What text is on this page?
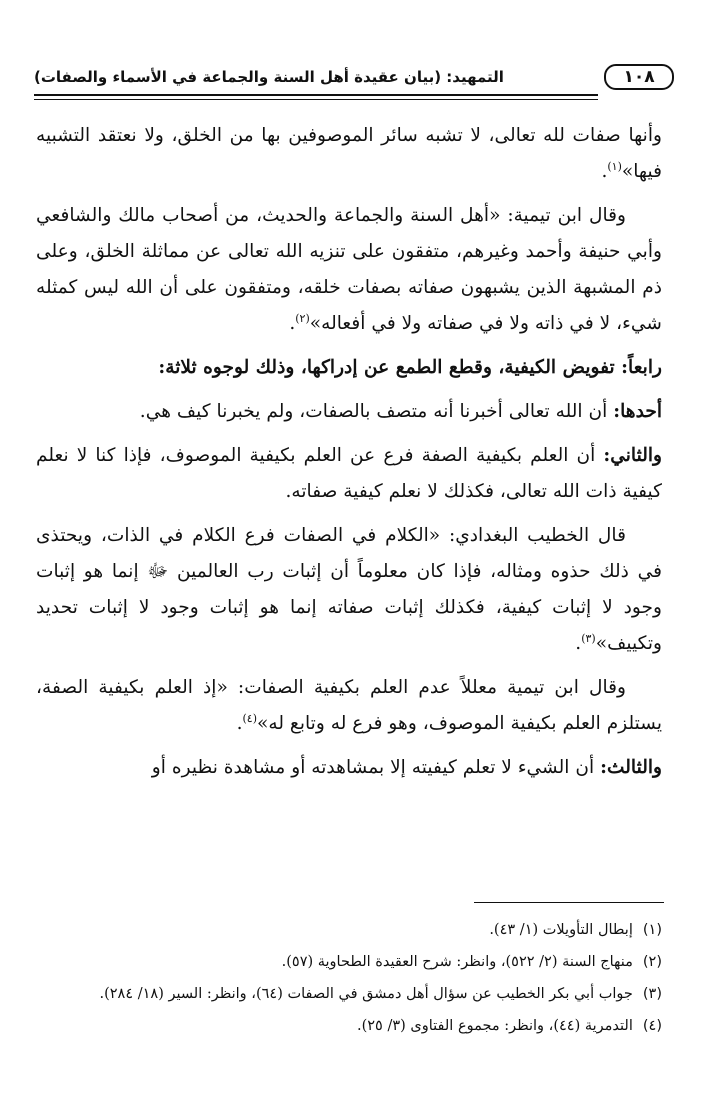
١٠٨
التمهيد: (بيان عقيدة أهل السنة والجماعة في الأسماء والصفات)

وأنها صفات لله تعالى، لا تشبه سائر الموصوفين بها من الخلق، ولا نعتقد التشبيه فيها»$^{(١)}$.

وقال ابن تيمية: «أهل السنة والجماعة والحديث، من أصحاب مالك والشافعي وأبي حنيفة وأحمد وغيرهم، متفقون على تنزيه الله تعالى عن مماثلة الخلق، وعلى ذم المشبهة الذين يشبهون صفاته بصفات خلقه، ومتفقون على أن الله ليس كمثله شيء، لا في ذاته ولا في صفاته ولا في أفعاله»$^{(٢)}$.

رابعاً: تفويض الكيفية، وقطع الطمع عن إدراكها، وذلك لوجوه ثلاثة:

أحدها: أن الله تعالى أخبرنا أنه متصف بالصفات، ولم يخبرنا كيف هي.

والثاني: أن العلم بكيفية الصفة فرع عن العلم بكيفية الموصوف، فإذا كنا لا نعلم كيفية ذات الله تعالى، فكذلك لا نعلم كيفية صفاته.

قال الخطيب البغدادي: «الكلام في الصفات فرع الكلام في الذات، ويحتذى في ذلك حذوه ومثاله، فإذا كان معلوماً أن إثبات رب العالمين ﷻ إنما هو إثبات وجود لا إثبات كيفية، فكذلك إثبات صفاته إنما هو إثبات وجود لا إثبات تحديد وتكييف»$^{(٣)}$.

وقال ابن تيمية معللاً عدم العلم بكيفية الصفات: «إذ العلم بكيفية الصفة، يستلزم العلم بكيفية الموصوف، وهو فرع له وتابع له»$^{(٤)}$.

والثالث: أن الشيء لا تعلم كيفيته إلا بمشاهدته أو مشاهدة نظيره أو

(١)
إبطال التأويلات (١/ ٤٣).
(٢)
منهاج السنة (٢/ ٥٢٢)، وانظر: شرح العقيدة الطحاوية (٥٧).
(٣)
جواب أبي بكر الخطيب عن سؤال أهل دمشق في الصفات (٦٤)، وانظر: السير (١٨/ ٢٨٤).
(٤)
التدمرية (٤٤)، وانظر: مجموع الفتاوى (٣/ ٢٥).
